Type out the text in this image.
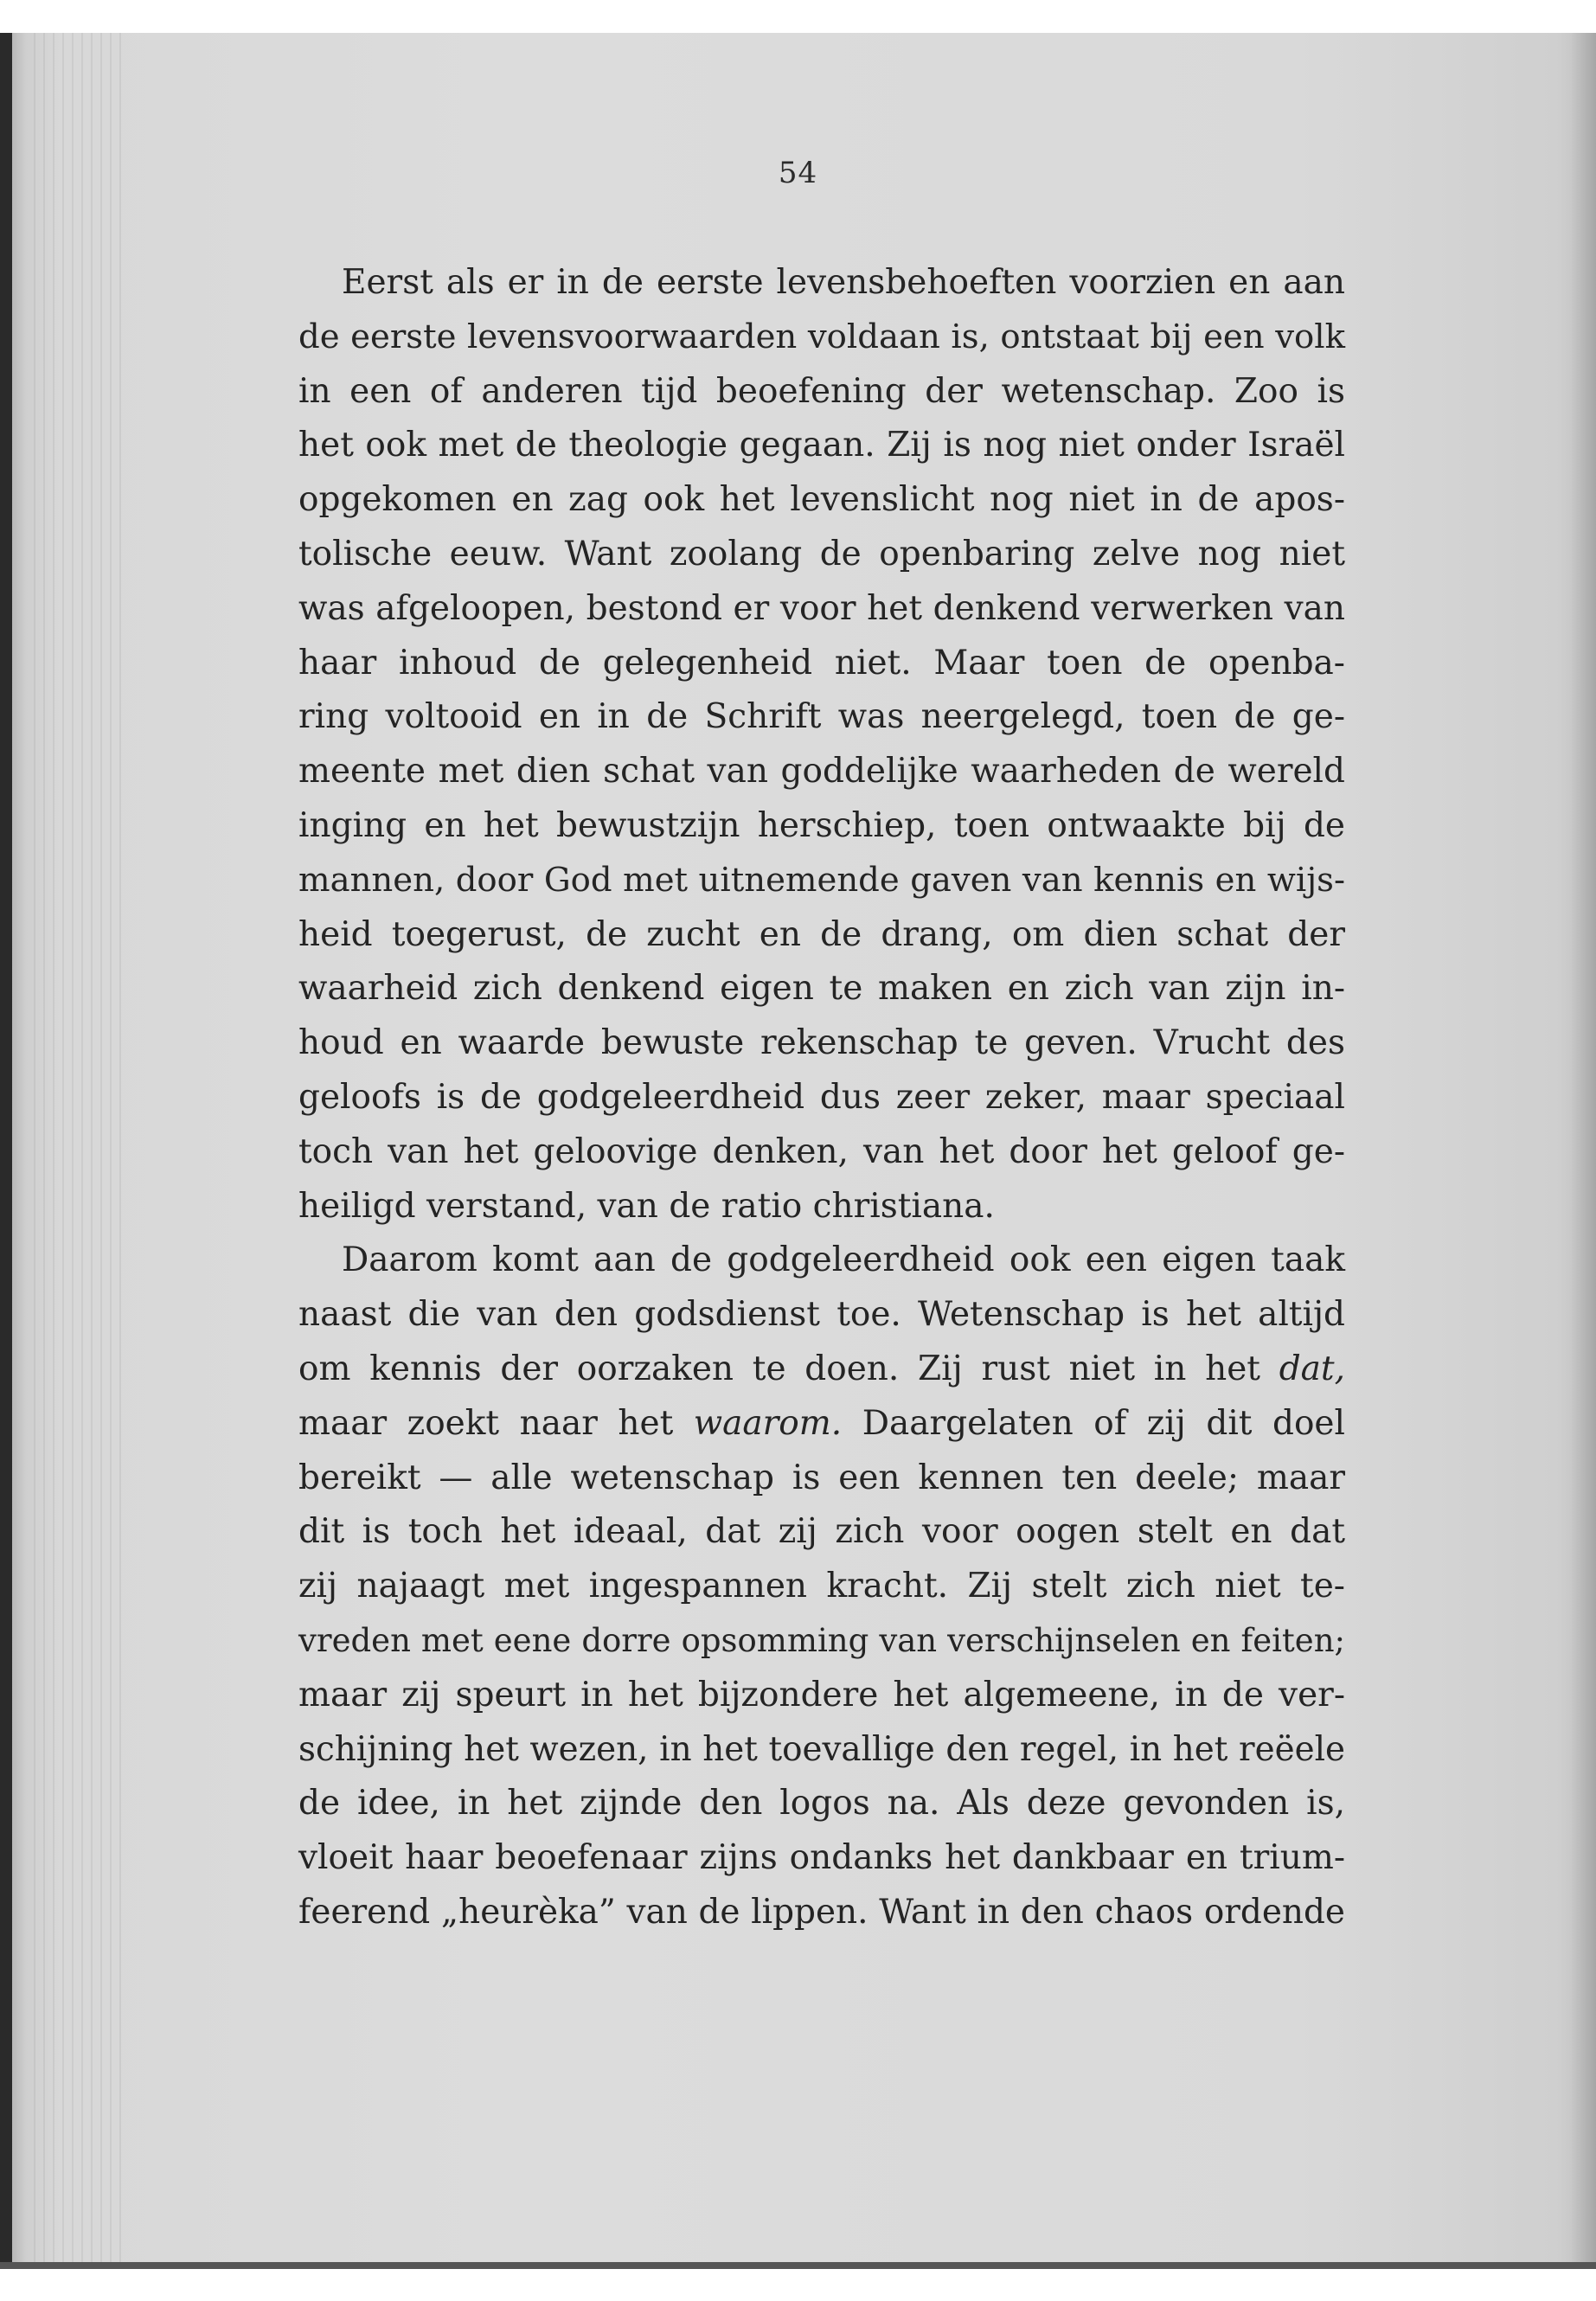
54

Eerst als er in de eerste levensbehoeften voorzien en aan
de eerste levensvoorwaarden voldaan is, ontstaat bij een volk
in een of anderen tijd beoefening der wetenschap. Zoo is
het ook met de theologie gegaan. Zij is nog niet onder Israël
opgekomen en zag ook het levenslicht nog niet in de apos-
tolische eeuw. Want zoolang de openbaring zelve nog niet
was afgeloopen, bestond er voor het denkend verwerken van
haar inhoud de gelegenheid niet. Maar toen de openba-
ring voltooid en in de Schrift was neergelegd, toen de ge-
meente met dien schat van goddelijke waarheden de wereld
inging en het bewustzijn herschiep, toen ontwaakte bij de
mannen, door God met uitnemende gaven van kennis en wijs-
heid toegerust, de zucht en de drang, om dien schat der
waarheid zich denkend eigen te maken en zich van zijn in-
houd en waarde bewuste rekenschap te geven. Vrucht des
geloofs is de godgeleerdheid dus zeer zeker, maar speciaal
toch van het geloovige denken, van het door het geloof ge-
heiligd verstand, van de ratio christiana.
Daarom komt aan de godgeleerdheid ook een eigen taak
naast die van den godsdienst toe. Wetenschap is het altijd
om kennis der oorzaken te doen. Zij rust niet in het dat,
maar zoekt naar het waarom. Daargelaten of zij dit doel
bereikt — alle wetenschap is een kennen ten deele; maar
dit is toch het ideaal, dat zij zich voor oogen stelt en dat
zij najaagt met ingespannen kracht. Zij stelt zich niet te-
vreden met eene dorre opsomming van verschijnselen en feiten;
maar zij speurt in het bijzondere het algemeene, in de ver-
schijning het wezen, in het toevallige den regel, in het reëele
de idee, in het zijnde den logos na. Als deze gevonden is,
vloeit haar beoefenaar zijns ondanks het dankbaar en trium-
feerend „heurèka” van de lippen. Want in den chaos ordende
